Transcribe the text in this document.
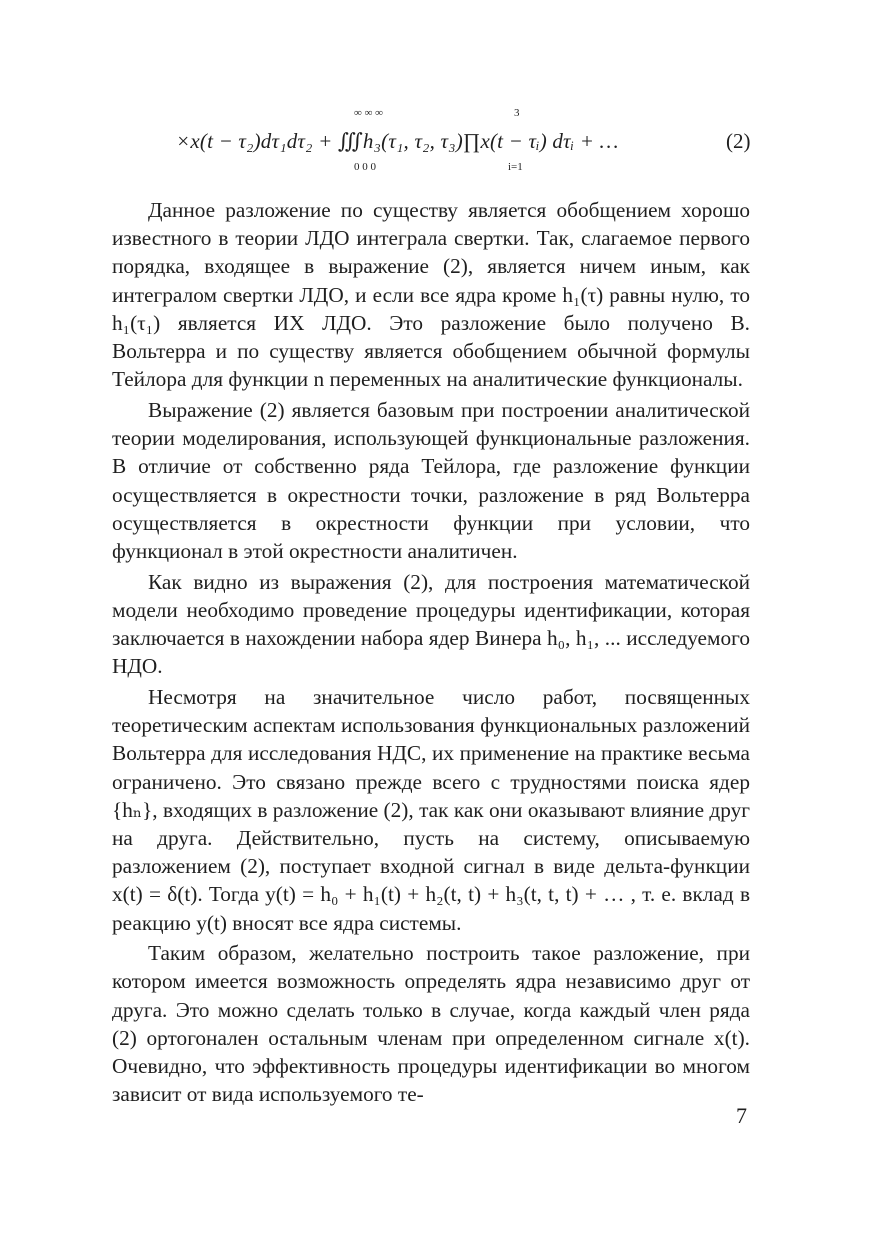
×x(t − τ₂)dτ₁dτ₂ + ∭h₃(τ₁, τ₂, τ₃)∏x(t − τᵢ) dτᵢ + …
∞ ∞ ∞
0 0 0
3
i=1
(2)

Данное разложение по существу является обобщением хорошо известного в теории ЛДО интеграла свертки. Так, слагаемое первого порядка, входящее в выражение (2), является ничем иным, как интегралом свертки ЛДО, и если все ядра кроме h₁(τ) равны нулю, то h₁(τ₁) является ИХ ЛДО. Это разложение было получено В. Вольтерра и по существу является обобщением обычной формулы Тейлора для функции n переменных на аналитические функционалы.

Выражение (2) является базовым при построении аналитической теории моделирования, использующей функциональные разложения. В отличие от собственно ряда Тейлора, где разложение функции осуществляется в окрестности точки, разложение в ряд Вольтерра осуществляется в окрестности функции при условии, что функционал в этой окрестности аналитичен.

Как видно из выражения (2), для построения математической модели необходимо проведение процедуры идентификации, которая заключается в нахождении набора ядер Винера h₀, h₁, ... исследуемого НДО.

Несмотря на значительное число работ, посвященных теоретическим аспектам использования функциональных разложений Вольтерра для исследования НДС, их применение на практике весьма ограничено. Это связано прежде всего с трудностями поиска ядер {hₙ}, входящих в разложение (2), так как они оказывают влияние друг на друга. Действительно, пусть на систему, описываемую разложением (2), поступает входной сигнал в виде дельта-функции x(t) = δ(t). Тогда y(t) = h₀ + h₁(t) + h₂(t, t) + h₃(t, t, t) + … , т. е. вклад в реакцию y(t) вносят все ядра системы.

Таким образом, желательно построить такое разложение, при котором имеется возможность определять ядра независимо друг от друга. Это можно сделать только в случае, когда каждый член ряда (2) ортогонален остальным членам при определенном сигнале x(t). Очевидно, что эффективность процедуры идентификации во многом зависит от вида используемого те-

7
